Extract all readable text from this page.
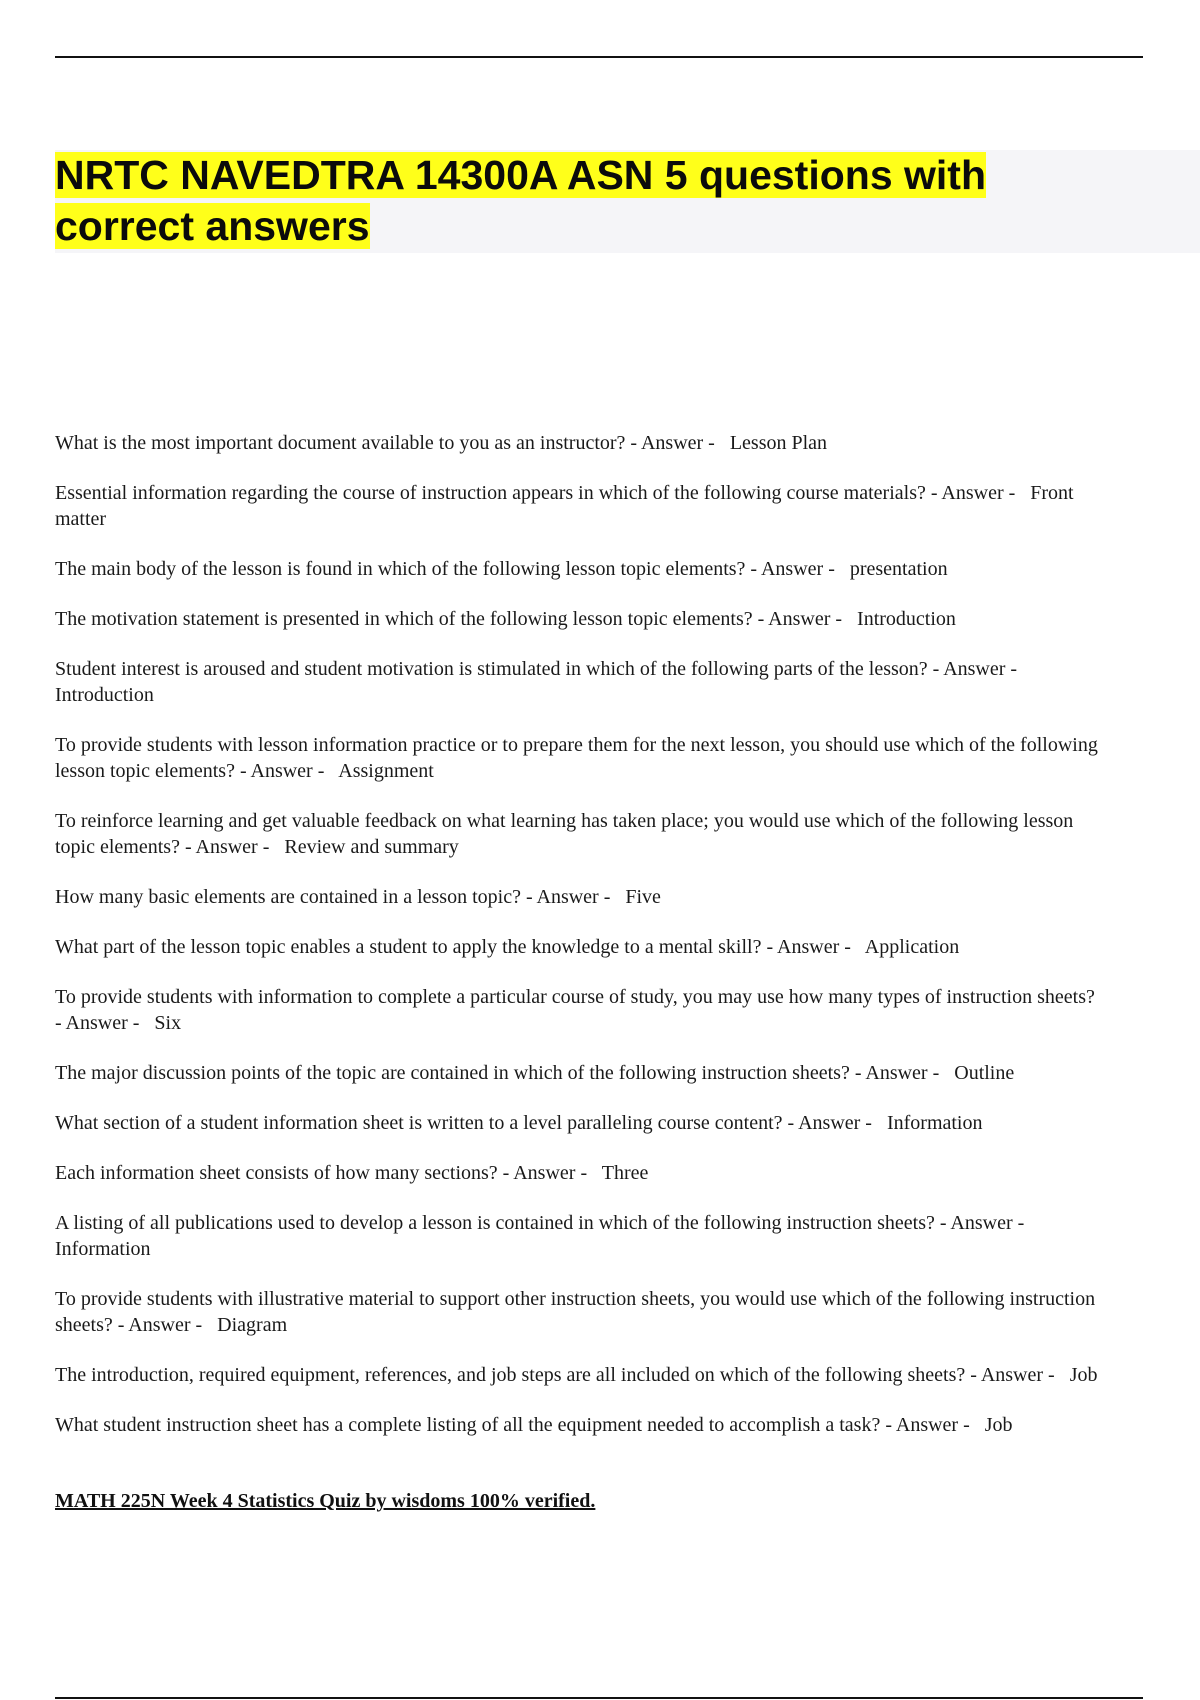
NRTC NAVEDTRA 14300A ASN 5 questions with
correct answers

What is the most important document available to you as an instructor? - Answer -   Lesson Plan

Essential information regarding the course of instruction appears in which of the following course materials? - Answer -   Front
matter

The main body of the lesson is found in which of the following lesson topic elements? - Answer -   presentation

The motivation statement is presented in which of the following lesson topic elements? - Answer -   Introduction

Student interest is aroused and student motivation is stimulated in which of the following parts of the lesson? - Answer -
Introduction

To provide students with lesson information practice or to prepare them for the next lesson, you should use which of the following
lesson topic elements? - Answer -   Assignment

To reinforce learning and get valuable feedback on what learning has taken place; you would use which of the following lesson
topic elements? - Answer -   Review and summary

How many basic elements are contained in a lesson topic? - Answer -   Five

What part of the lesson topic enables a student to apply the knowledge to a mental skill? - Answer -   Application

To provide students with information to complete a particular course of study, you may use how many types of instruction sheets?
- Answer -   Six

The major discussion points of the topic are contained in which of the following instruction sheets? - Answer -   Outline

What section of a student information sheet is written to a level paralleling course content? - Answer -   Information

Each information sheet consists of how many sections? - Answer -   Three

A listing of all publications used to develop a lesson is contained in which of the following instruction sheets? - Answer -
Information

To provide students with illustrative material to support other instruction sheets, you would use which of the following instruction
sheets? - Answer -   Diagram

The introduction, required equipment, references, and job steps are all included on which of the following sheets? - Answer -   Job

What student instruction sheet has a complete listing of all the equipment needed to accomplish a task? - Answer -   Job

MATH 225N Week 4 Statistics Quiz by wisdoms 100% verified.
